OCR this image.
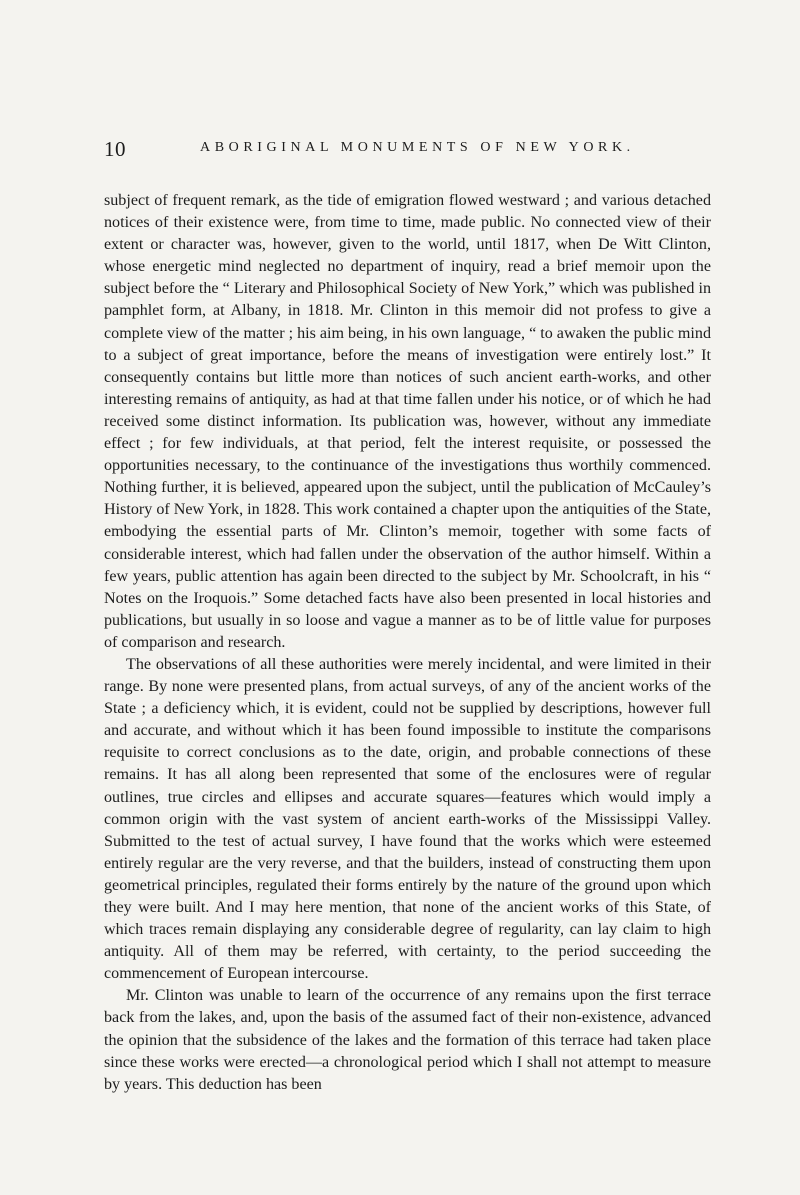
10	ABORIGINAL MONUMENTS OF NEW YORK.

subject of frequent remark, as the tide of emigration flowed westward ; and various detached notices of their existence were, from time to time, made public. No connected view of their extent or character was, however, given to the world, until 1817, when De Witt Clinton, whose energetic mind neglected no department of inquiry, read a brief memoir upon the subject before the “ Literary and Philosophical Society of New York,” which was published in pamphlet form, at Albany, in 1818. Mr. Clinton in this memoir did not profess to give a complete view of the matter ; his aim being, in his own language, “ to awaken the public mind to a subject of great importance, before the means of investigation were entirely lost.” It consequently contains but little more than notices of such ancient earth-works, and other interesting remains of antiquity, as had at that time fallen under his notice, or of which he had received some distinct information. Its publication was, however, without any immediate effect ; for few individuals, at that period, felt the interest requisite, or possessed the opportunities necessary, to the continuance of the investigations thus worthily commenced. Nothing further, it is believed, appeared upon the subject, until the publication of McCauley’s History of New York, in 1828. This work contained a chapter upon the antiquities of the State, embodying the essential parts of Mr. Clinton’s memoir, together with some facts of considerable interest, which had fallen under the observation of the author himself. Within a few years, public attention has again been directed to the subject by Mr. Schoolcraft, in his “ Notes on the Iroquois.” Some detached facts have also been presented in local histories and publications, but usually in so loose and vague a manner as to be of little value for purposes of comparison and research.

The observations of all these authorities were merely incidental, and were limited in their range. By none were presented plans, from actual surveys, of any of the ancient works of the State ; a deficiency which, it is evident, could not be supplied by descriptions, however full and accurate, and without which it has been found impossible to institute the comparisons requisite to correct conclusions as to the date, origin, and probable connections of these remains. It has all along been represented that some of the enclosures were of regular outlines, true circles and ellipses and accurate squares—features which would imply a common origin with the vast system of ancient earth-works of the Mississippi Valley. Submitted to the test of actual survey, I have found that the works which were esteemed entirely regular are the very reverse, and that the builders, instead of constructing them upon geometrical principles, regulated their forms entirely by the nature of the ground upon which they were built. And I may here mention, that none of the ancient works of this State, of which traces remain displaying any considerable degree of regularity, can lay claim to high antiquity. All of them may be referred, with certainty, to the period succeeding the commencement of European intercourse.

Mr. Clinton was unable to learn of the occurrence of any remains upon the first terrace back from the lakes, and, upon the basis of the assumed fact of their non-existence, advanced the opinion that the subsidence of the lakes and the formation of this terrace had taken place since these works were erected—a chronological period which I shall not attempt to measure by years. This deduction has been
